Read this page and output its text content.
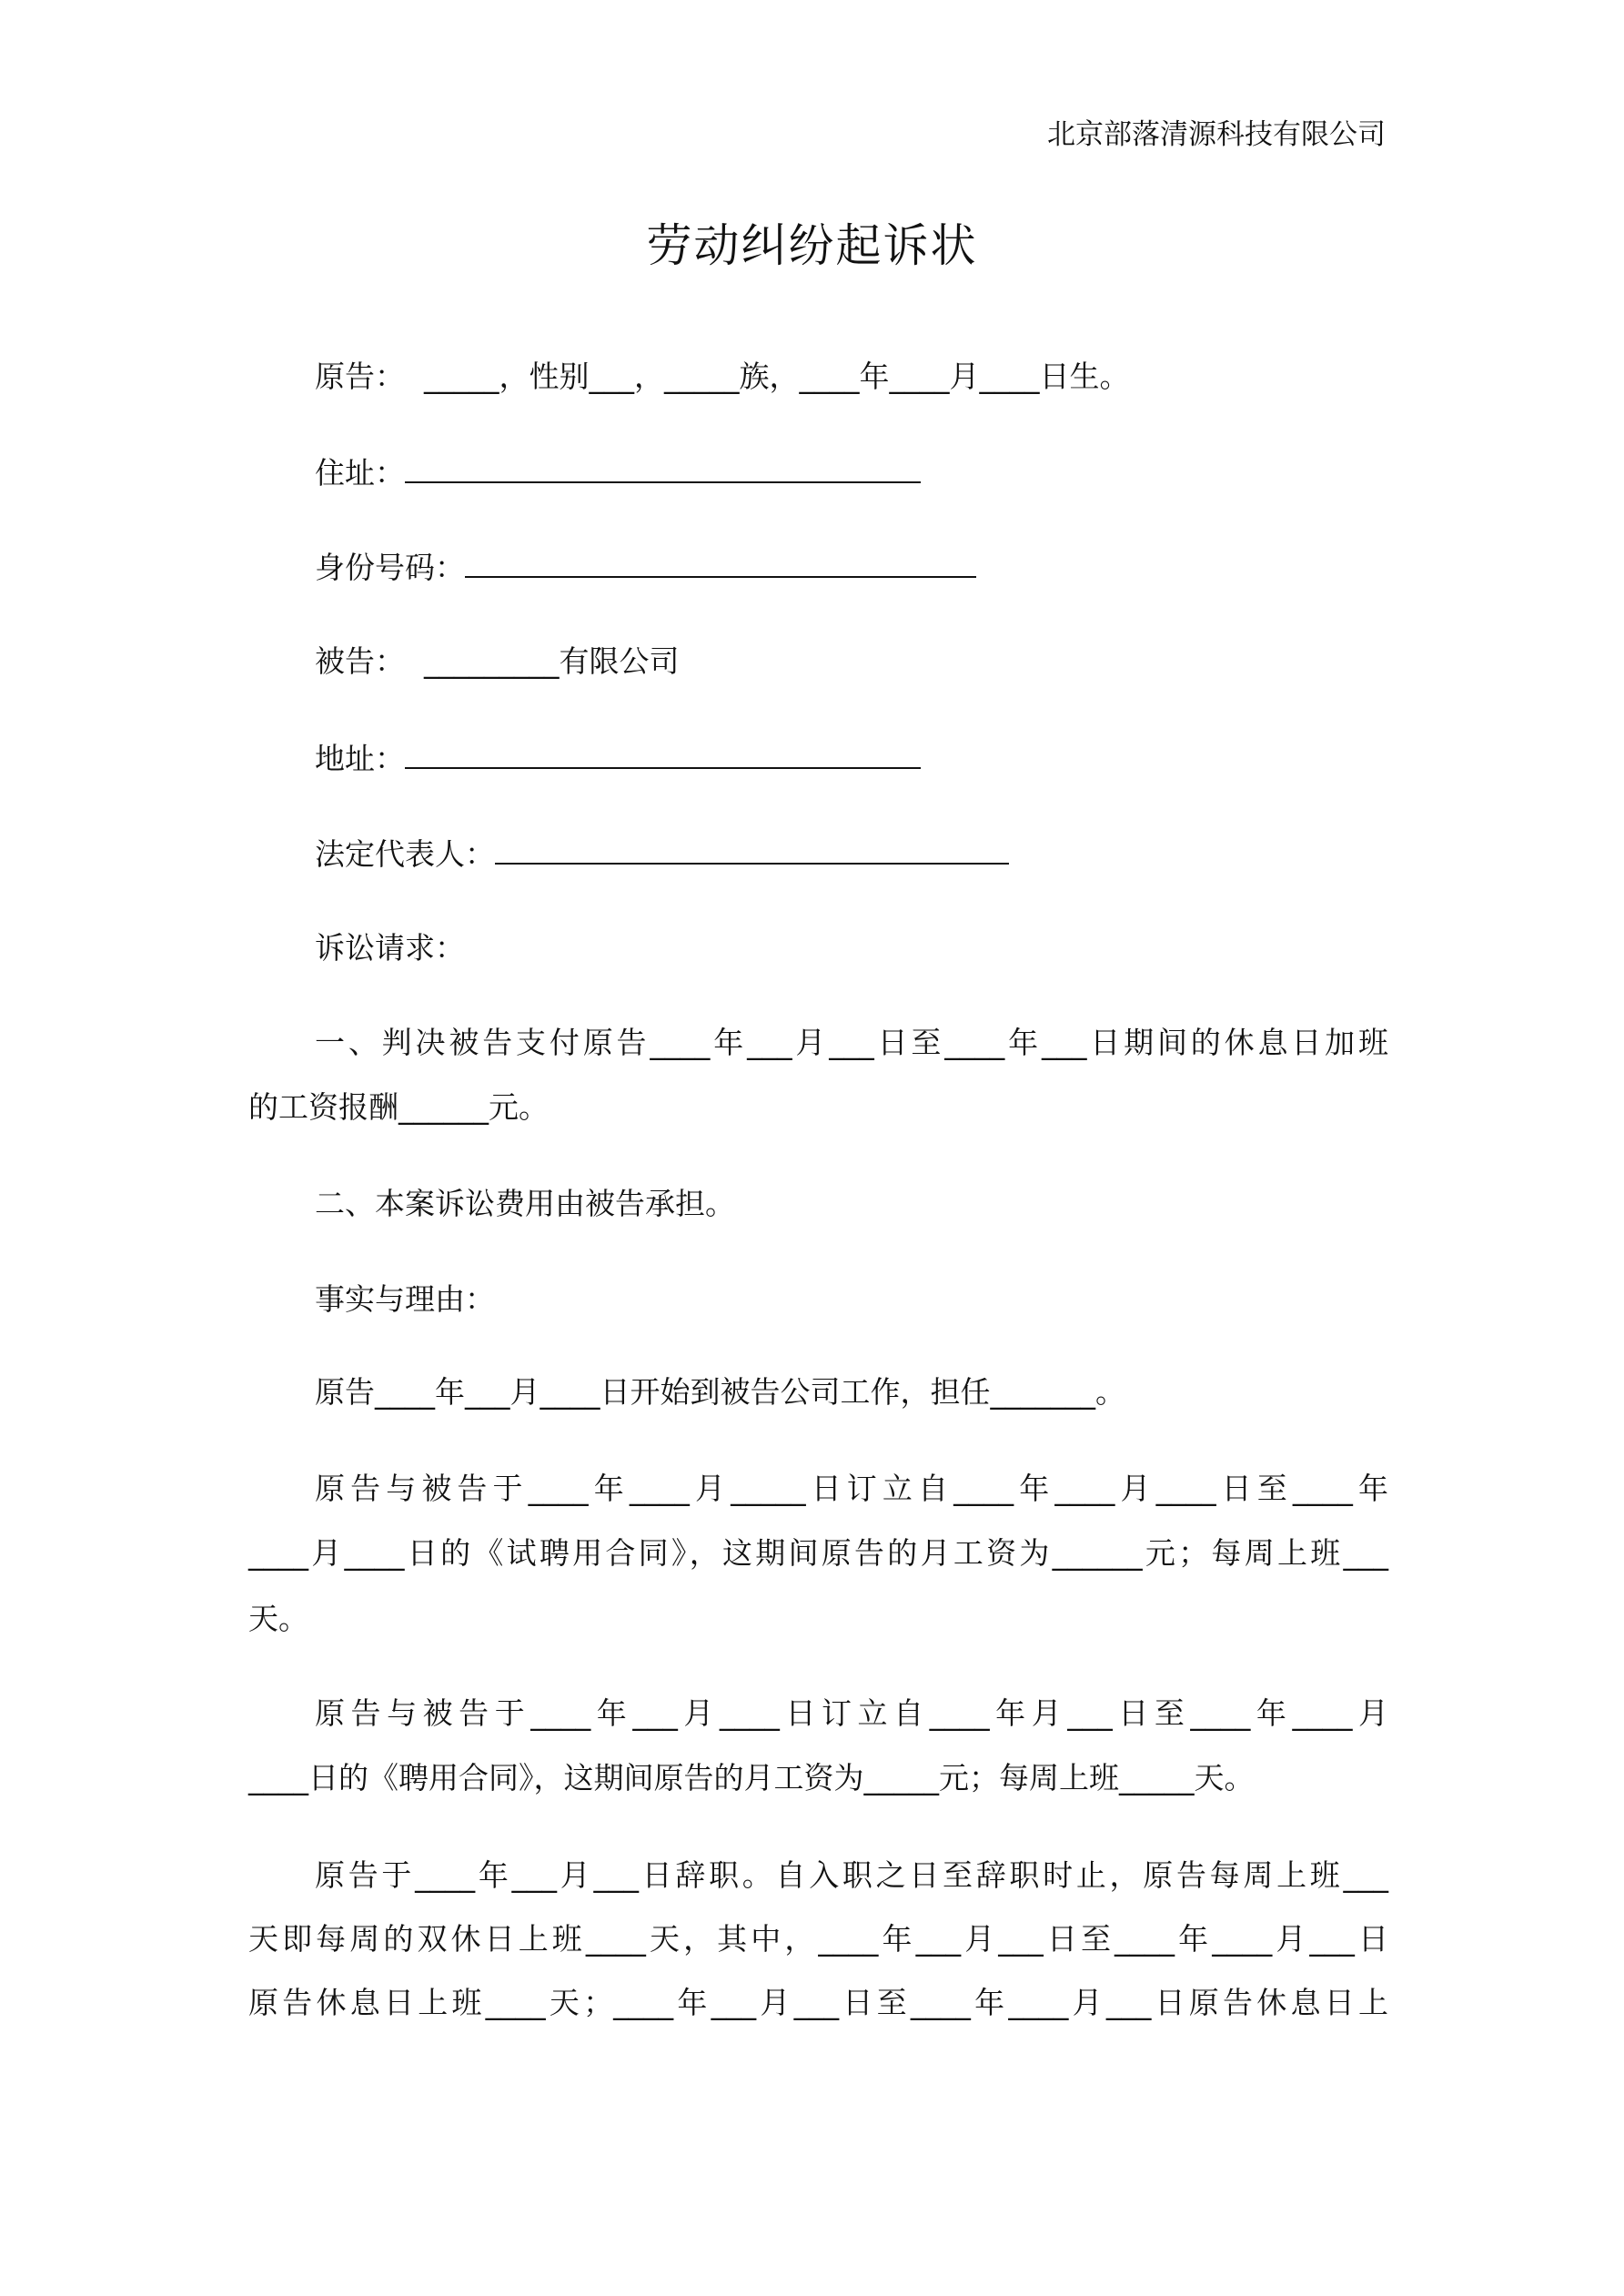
北京部落清源科技有限公司
劳动纠纷起诉状
原告：  _____，性别___，_____族，____年____月____日生。
住址：
身份号码：
被告：  _________有限公司
地址：
法定代表人：
诉讼请求：
一、判决被告支付原告____年___月___日至____年___日期间的休息日加班
的工资报酬______元。
二、本案诉讼费用由被告承担。
事实与理由：
原告____年___月____日开始到被告公司工作，担任_______。
原告与被告于____年____月_____日订立自____年____月____日至____年
____月____日的《试聘用合同》，这期间原告的月工资为______元；每周上班___
天。
原告与被告于____年___月____日订立自____年月___日至____年____月
____日的《聘用合同》，这期间原告的月工资为_____元；每周上班_____天。
原告于____年___月___日辞职。自入职之日至辞职时止，原告每周上班___
天即每周的双休日上班____天，其中，____年___月___日至____年____月___日
原告休息日上班____天；____年___月___日至____年____月___日原告休息日上
